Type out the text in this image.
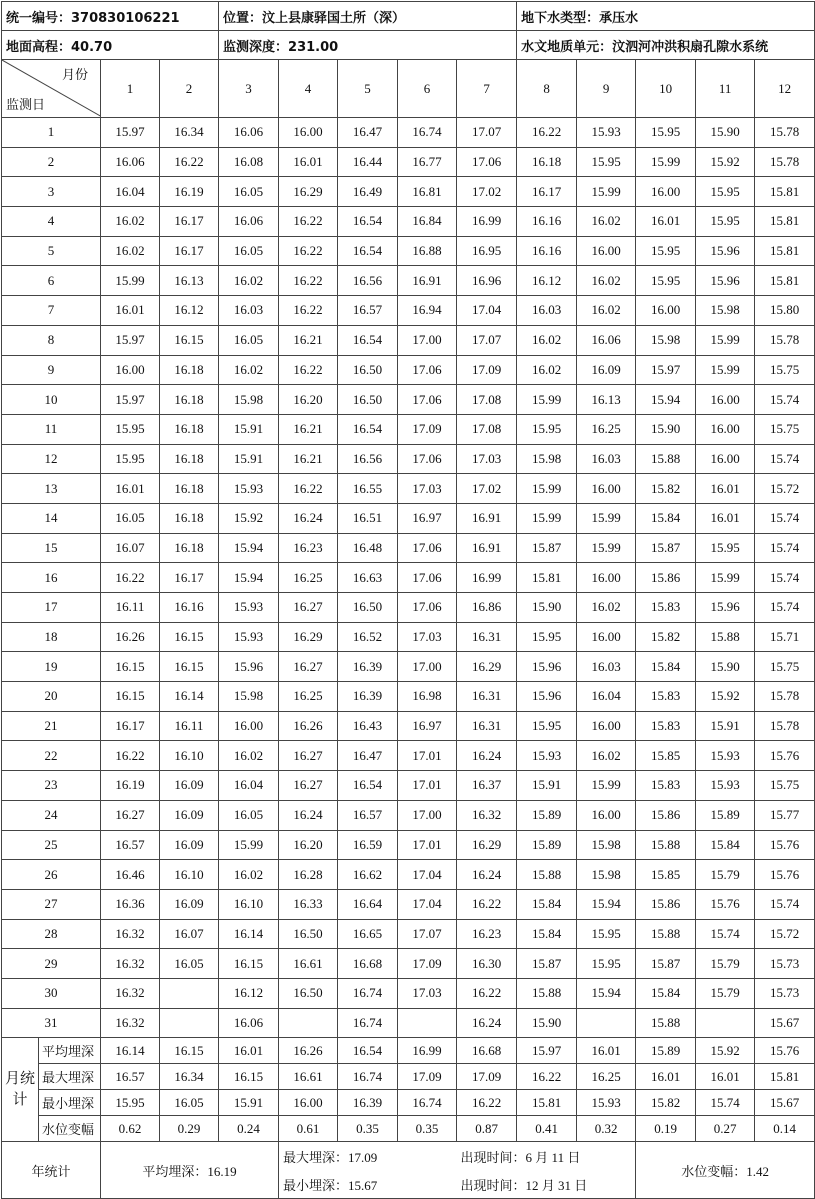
统一编号：370830106221				位置：汶上县康驿国土所（深）					地下水类型：承压水				
地面高程：40.70				监测深度：231.00					水文地质单元：汶泗河冲洪积扇孔隙水系统				

月份
监测日		1	2	3	4	5	6	7	8	9	10	11	12
1		15.97	16.34	16.06	16.00	16.47	16.74	17.07	16.22	15.93	15.95	15.90	15.78
2		16.06	16.22	16.08	16.01	16.44	16.77	17.06	16.18	15.95	15.99	15.92	15.78
3		16.04	16.19	16.05	16.29	16.49	16.81	17.02	16.17	15.99	16.00	15.95	15.81
4		16.02	16.17	16.06	16.22	16.54	16.84	16.99	16.16	16.02	16.01	15.95	15.81
5		16.02	16.17	16.05	16.22	16.54	16.88	16.95	16.16	16.00	15.95	15.96	15.81
6		15.99	16.13	16.02	16.22	16.56	16.91	16.96	16.12	16.02	15.95	15.96	15.81
7		16.01	16.12	16.03	16.22	16.57	16.94	17.04	16.03	16.02	16.00	15.98	15.80
8		15.97	16.15	16.05	16.21	16.54	17.00	17.07	16.02	16.06	15.98	15.99	15.78
9		16.00	16.18	16.02	16.22	16.50	17.06	17.09	16.02	16.09	15.97	15.99	15.75
10		15.97	16.18	15.98	16.20	16.50	17.06	17.08	15.99	16.13	15.94	16.00	15.74
11		15.95	16.18	15.91	16.21	16.54	17.09	17.08	15.95	16.25	15.90	16.00	15.75
12		15.95	16.18	15.91	16.21	16.56	17.06	17.03	15.98	16.03	15.88	16.00	15.74
13		16.01	16.18	15.93	16.22	16.55	17.03	17.02	15.99	16.00	15.82	16.01	15.72
14		16.05	16.18	15.92	16.24	16.51	16.97	16.91	15.99	15.99	15.84	16.01	15.74
15		16.07	16.18	15.94	16.23	16.48	17.06	16.91	15.87	15.99	15.87	15.95	15.74
16		16.22	16.17	15.94	16.25	16.63	17.06	16.99	15.81	16.00	15.86	15.99	15.74
17		16.11	16.16	15.93	16.27	16.50	17.06	16.86	15.90	16.02	15.83	15.96	15.74
18		16.26	16.15	15.93	16.29	16.52	17.03	16.31	15.95	16.00	15.82	15.88	15.71
19		16.15	16.15	15.96	16.27	16.39	17.00	16.29	15.96	16.03	15.84	15.90	15.75
20		16.15	16.14	15.98	16.25	16.39	16.98	16.31	15.96	16.04	15.83	15.92	15.78
21		16.17	16.11	16.00	16.26	16.43	16.97	16.31	15.95	16.00	15.83	15.91	15.78
22		16.22	16.10	16.02	16.27	16.47	17.01	16.24	15.93	16.02	15.85	15.93	15.76
23		16.19	16.09	16.04	16.27	16.54	17.01	16.37	15.91	15.99	15.83	15.93	15.75
24		16.27	16.09	16.05	16.24	16.57	17.00	16.32	15.89	16.00	15.86	15.89	15.77
25		16.57	16.09	15.99	16.20	16.59	17.01	16.29	15.89	15.98	15.88	15.84	15.76
26		16.46	16.10	16.02	16.28	16.62	17.04	16.24	15.88	15.98	15.85	15.79	15.76
27		16.36	16.09	16.10	16.33	16.64	17.04	16.22	15.84	15.94	15.86	15.76	15.74
28		16.32	16.07	16.14	16.50	16.65	17.07	16.23	15.84	15.95	15.88	15.74	15.72
29		16.32	16.05	16.15	16.61	16.68	17.09	16.30	15.87	15.95	15.87	15.79	15.73
30		16.32		16.12	16.50	16.74	17.03	16.22	15.88	15.94	15.84	15.79	15.73
31		16.32		16.06		16.74		16.24	15.90		15.88		15.67
月统计	平均埋深	16.14	16.15	16.01	16.26	16.54	16.99	16.68	15.97	16.01	15.89	15.92	15.76
	最大埋深	16.57	16.34	16.15	16.61	16.74	17.09	17.09	16.22	16.25	16.01	16.01	15.81
	最小埋深	15.95	16.05	15.91	16.00	16.39	16.74	16.22	15.81	15.93	15.82	15.74	15.67
	水位变幅	0.62	0.29	0.24	0.61	0.35	0.35	0.87	0.41	0.32	0.19	0.27	0.14
年统计		平均埋深：16.19			最大埋深：17.09			出现时间：6 月 11 日			水位变幅：1.42		
					最小埋深：15.67			出现时间：12 月 31 日					
